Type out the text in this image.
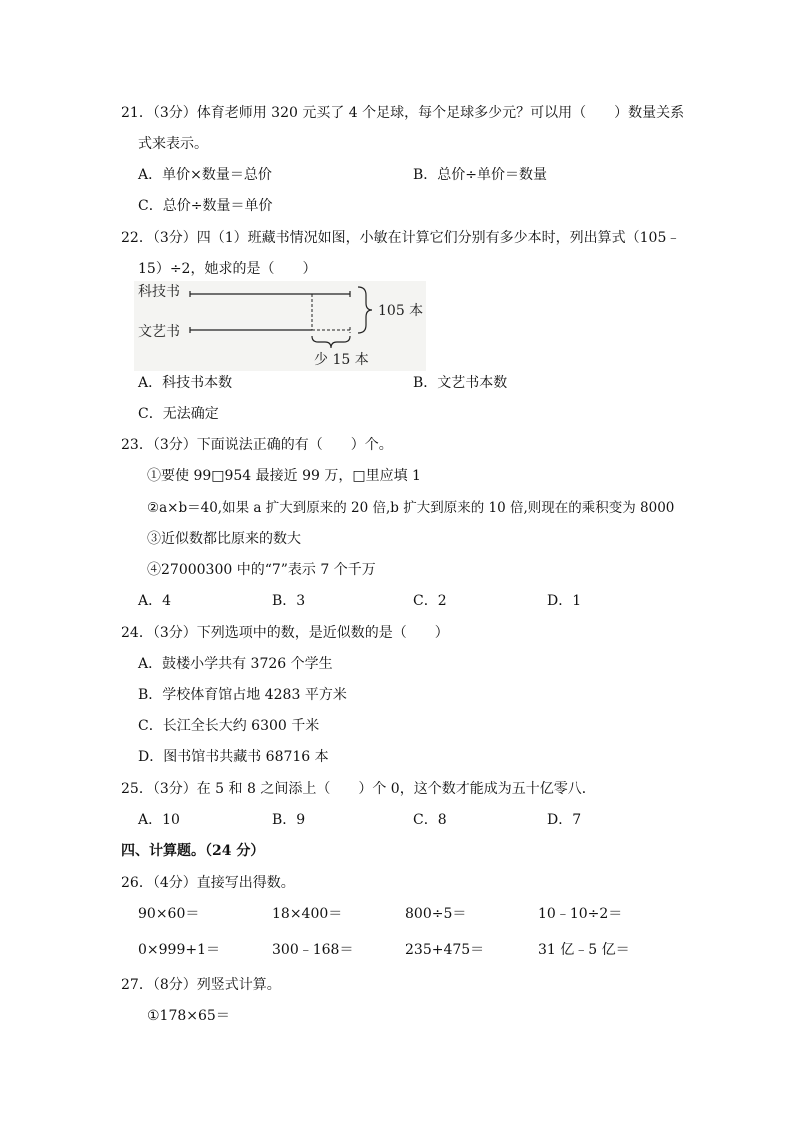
21．（3分）体育老师用 320 元买了 4 个足球，每个足球多少元？可以用（　　）数量关系
式来表示。
A．单价×数量＝总价	B．总价÷单价＝数量
C．总价÷数量＝单价
22．（3分）四（1）班藏书情况如图，小敏在计算它们分别有多少本时，列出算式（105﹣
15）÷2，她求的是（　　）
科技书
文艺书
105 本
少 15 本
A．科技书本数	B．文艺书本数
C．无法确定
23．（3分）下面说法正确的有（　　）个。
①要使 99□954 最接近 99 万，□里应填 1
②a×b＝40,如果 a 扩大到原来的 20 倍,b 扩大到原来的 10 倍,则现在的乘积变为 8000
③近似数都比原来的数大
④27000300 中的“7”表示 7 个千万
A．4	B．3	C．2	D．1
24．（3分）下列选项中的数，是近似数的是（　　）
A．鼓楼小学共有 3726 个学生
B．学校体育馆占地 4283 平方米
C．长江全长大约 6300 千米
D．图书馆书共藏书 68716 本
25．（3分）在 5 和 8 之间添上（　　）个 0，这个数才能成为五十亿零八．
A．10	B．9	C．8	D．7
四、计算题。（24 分）
26．（4分）直接写出得数。
90×60＝	18×400＝	800÷5＝	10﹣10÷2＝
0×999+1＝	300﹣168＝	235+475＝	31 亿﹣5 亿＝
27．（8分）列竖式计算。
①178×65＝
